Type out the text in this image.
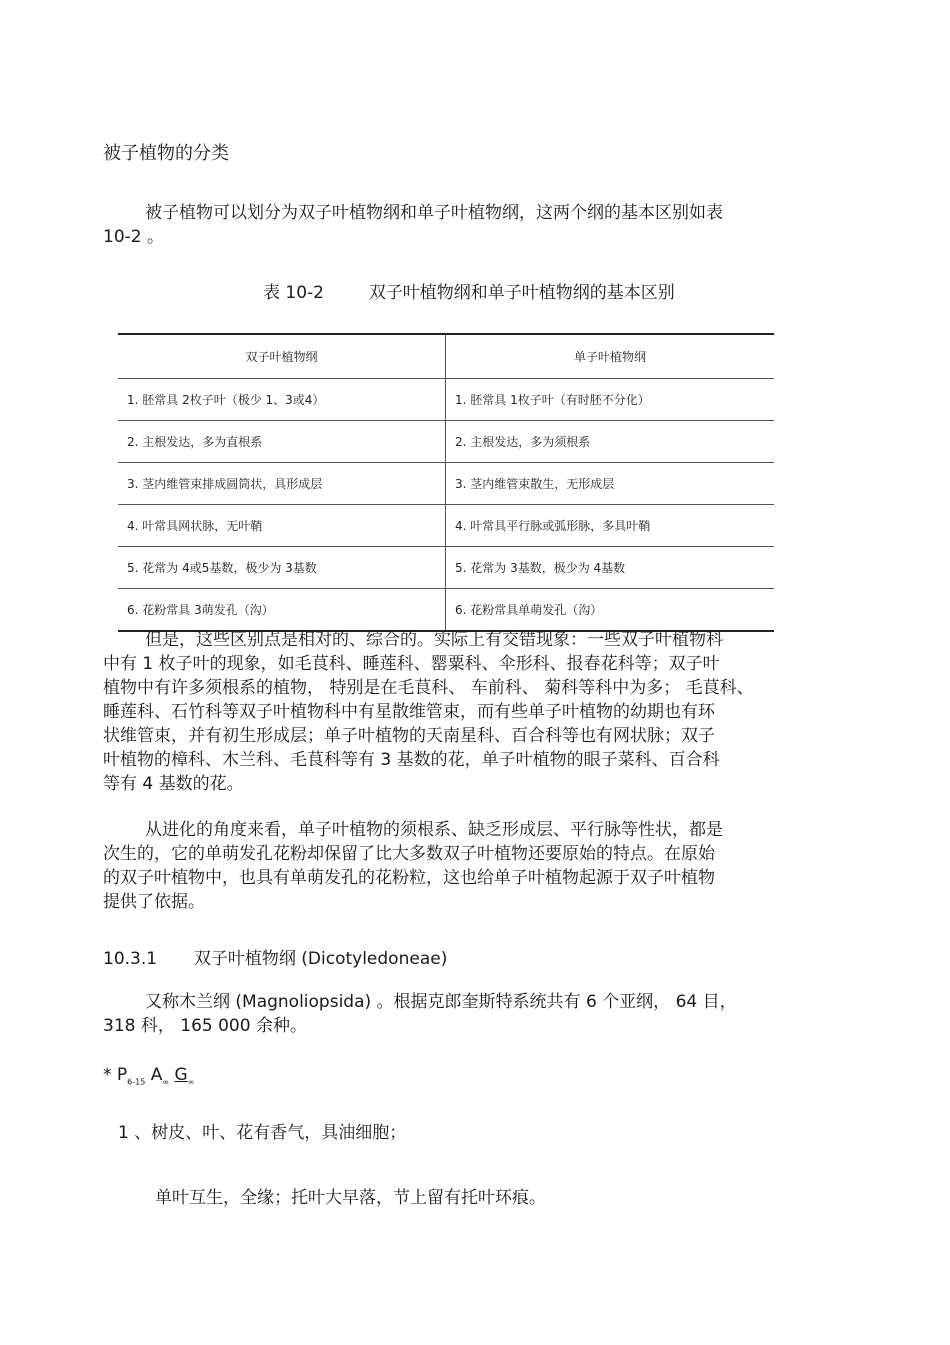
被子植物的分类
被子植物可以划分为双子叶植物纲和单子叶植物纲，这两个纲的基本区别如表
10-2 。
表 10-2	双子叶植物纲和单子叶植物纲的基本区别
双子叶植物纲	单子叶植物纲
1. 胚常具 2枚子叶（极少 1、3或4）	1. 胚常具 1枚子叶（有时胚不分化）
2. 主根发达，多为直根系	2. 主根发达，多为须根系
3. 茎内维管束排成圆筒状，具形成层	3. 茎内维管束散生，无形成层
4. 叶常具网状脉，无叶鞘	4. 叶常具平行脉或弧形脉，多具叶鞘
5. 花常为 4或5基数，极少为 3基数	5. 花常为 3基数，极少为 4基数
6. 花粉常具 3萌发孔（沟）	6. 花粉常具单萌发孔（沟）
但是，这些区别点是相对的、综合的。实际上有交错现象：一些双子叶植物科
中有 1 枚子叶的现象，如毛茛科、睡莲科、罂粟科、伞形科、报春花科等；双子叶
植物中有许多须根系的植物， 特别是在毛茛科、 车前科、 菊科等科中为多； 毛茛科、
睡莲科、石竹科等双子叶植物科中有星散维管束，而有些单子叶植物的幼期也有环
状维管束，并有初生形成层；单子叶植物的天南星科、百合科等也有网状脉；双子
叶植物的樟科、木兰科、毛茛科等有 3 基数的花，单子叶植物的眼子菜科、百合科
等有 4 基数的花。
从进化的角度来看，单子叶植物的须根系、缺乏形成层、平行脉等性状，都是
次生的，它的单萌发孔花粉却保留了比大多数双子叶植物还要原始的特点。在原始
的双子叶植物中，也具有单萌发孔的花粉粒，这也给单子叶植物起源于双子叶植物
提供了依据。
10.3.1 双子叶植物纲 (Dicotyledoneae)
又称木兰纲 (Magnoliopsida) 。根据克郎奎斯特系统共有 6 个亚纲， 64 目，
318 科， 165 000 余种。
* $P_{6-15}$ $A_\infty$ $G_\infty$
1 、树皮、叶、花有香气，具油细胞；
单叶互生，全缘；托叶大早落，节上留有托叶环痕。
